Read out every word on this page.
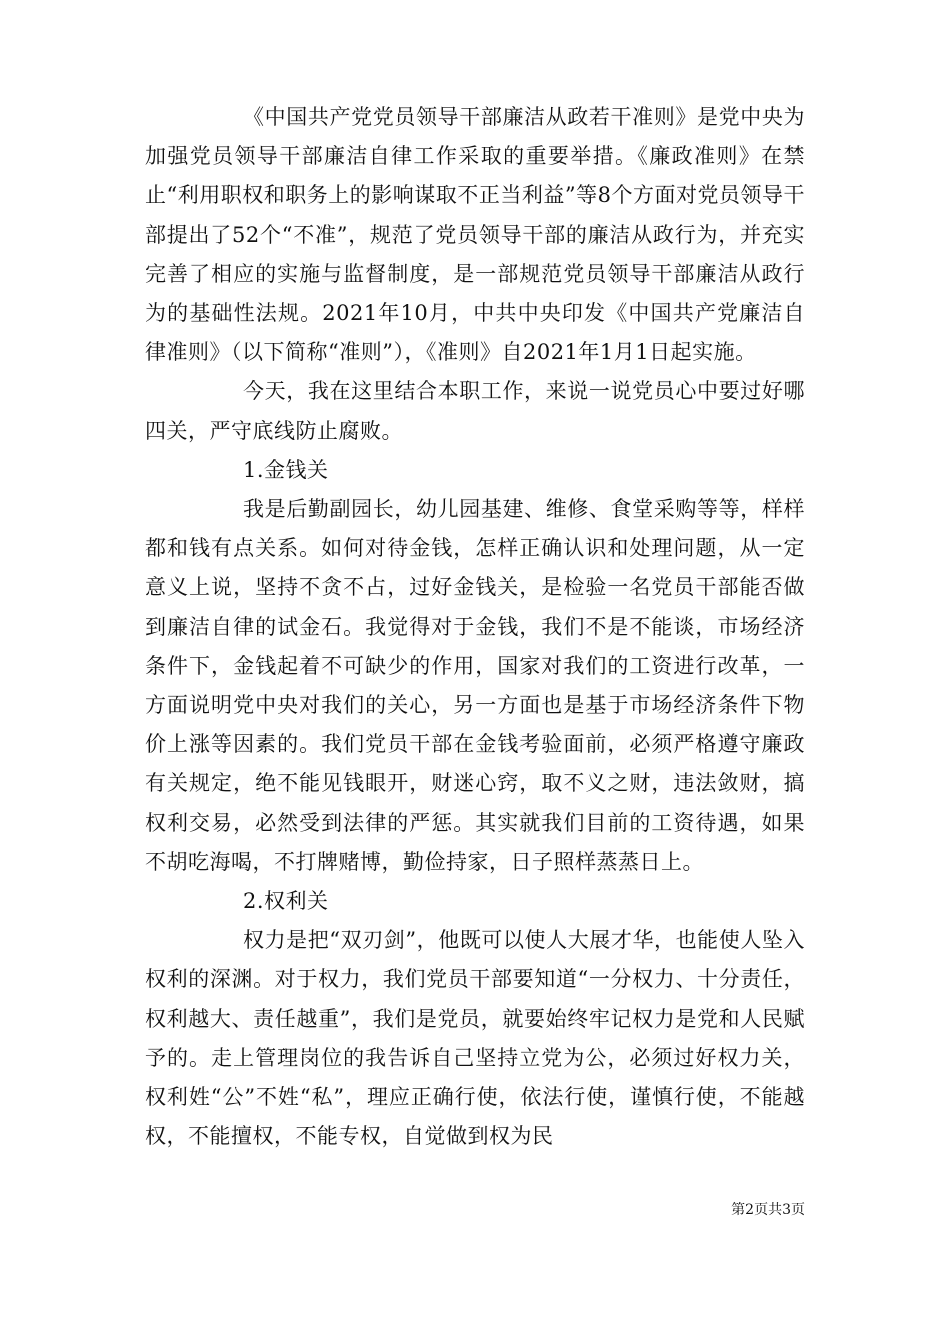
《中国共产党党员领导干部廉洁从政若干准则》是党中央为加强党员领导干部廉洁自律工作采取的重要举措。《廉政准则》在禁止“利用职权和职务上的影响谋取不正当利益”等8个方面对党员领导干部提出了52个“不准”，规范了党员领导干部的廉洁从政行为，并充实完善了相应的实施与监督制度，是一部规范党员领导干部廉洁从政行为的基础性法规。2021年10月，中共中央印发《中国共产党廉洁自律准则》（以下简称“准则”），《准则》自2021年1月1日起实施。

今天，我在这里结合本职工作，来说一说党员心中要过好哪四关，严守底线防止腐败。

1.金钱关

我是后勤副园长，幼儿园基建、维修、食堂采购等等，样样都和钱有点关系。如何对待金钱，怎样正确认识和处理问题，从一定意义上说，坚持不贪不占，过好金钱关，是检验一名党员干部能否做到廉洁自律的试金石。我觉得对于金钱，我们不是不能谈，市场经济条件下，金钱起着不可缺少的作用，国家对我们的工资进行改革，一方面说明党中央对我们的关心，另一方面也是基于市场经济条件下物价上涨等因素的。我们党员干部在金钱考验面前，必须严格遵守廉政有关规定，绝不能见钱眼开，财迷心窍，取不义之财，违法敛财，搞权利交易，必然受到法律的严惩。其实就我们目前的工资待遇，如果不胡吃海喝，不打牌赌博，勤俭持家，日子照样蒸蒸日上。

2.权利关

权力是把“双刃剑”，他既可以使人大展才华，也能使人坠入权利的深渊。对于权力，我们党员干部要知道“一分权力、十分责任，权利越大、责任越重”，我们是党员，就要始终牢记权力是党和人民赋予的。走上管理岗位的我告诉自己坚持立党为公，必须过好权力关，权利姓“公”不姓“私”，理应正确行使，依法行使，谨慎行使，不能越权，不能擅权，不能专权，自觉做到权为民

第2页共3页
